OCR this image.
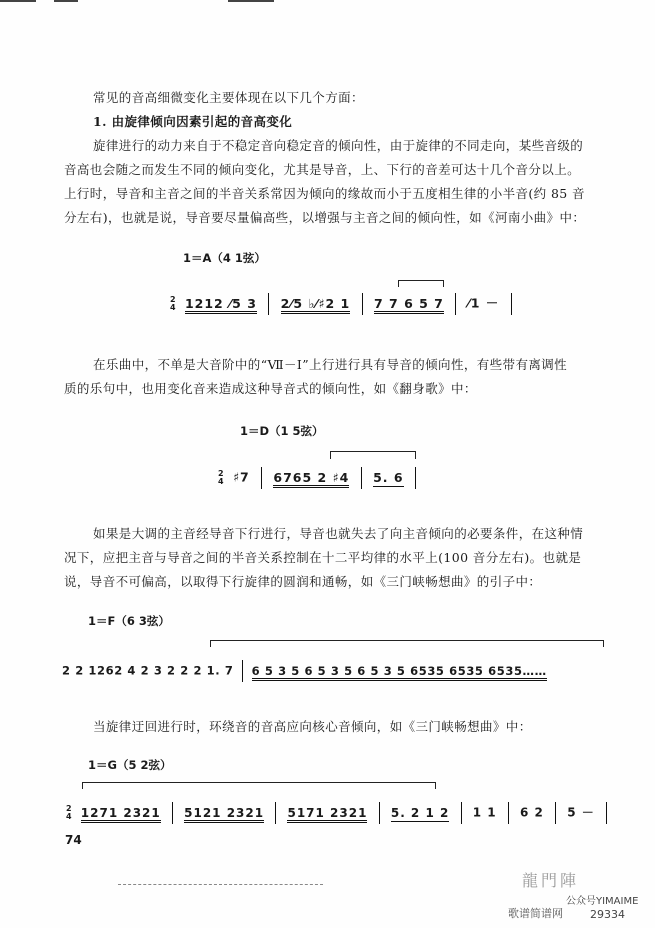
常见的音高细微变化主要体现在以下几个方面：
1. 由旋律倾向因素引起的音高变化
旋律进行的动力来自于不稳定音向稳定音的倾向性，由于旋律的不同走向，某些音级的
音高也会随之而发生不同的倾向变化，尤其是导音，上、下行的音差可达十几个音分以上。
上行时，导音和主音之间的半音关系常因为倾向的缘故而小于五度相生律的小半音(约 85 音
分左右)，也就是说，导音要尽量偏高些，以增强与主音之间的倾向性，如《河南小曲》中：
1＝A（4 1弦）
2
4 1212 ⁄5 3 2⁄5 ♭⁄♯2 1 7 7 6 5 7 ⁄1 －
在乐曲中，不单是大音阶中的“Ⅶ－Ⅰ”上行进行具有导音的倾向性，有些带有离调性
质的乐句中，也用变化音来造成这种导音式的倾向性，如《翻身歌》中：
1＝D（1 5弦）
2
4 ♯7 6765 2 ♯4 5. 6
如果是大调的主音经导音下行进行，导音也就失去了向主音倾向的必要条件，在这种情
况下，应把主音与导音之间的半音关系控制在十二平均律的水平上(100 音分左右)。也就是
说，导音不可偏高，以取得下行旋律的圆润和通畅，如《三门峡畅想曲》的引子中：
1＝F（6 3弦）
2 2 1262 4 2 3 2 2 2 1. 7 6 5 3 5 6 5 3 5 6 5 3 5 6535 6535 6535……
当旋律迂回进行时，环绕音的音高应向核心音倾向，如《三门峡畅想曲》中：
1＝G（5 2弦）
2
4 1271 2321 5121 2321 5171 2321 5. 2 1 2 1 1 6 2 5 －
74
龍門陣
歌谱简谱网
公众号YIMAIME
29334
